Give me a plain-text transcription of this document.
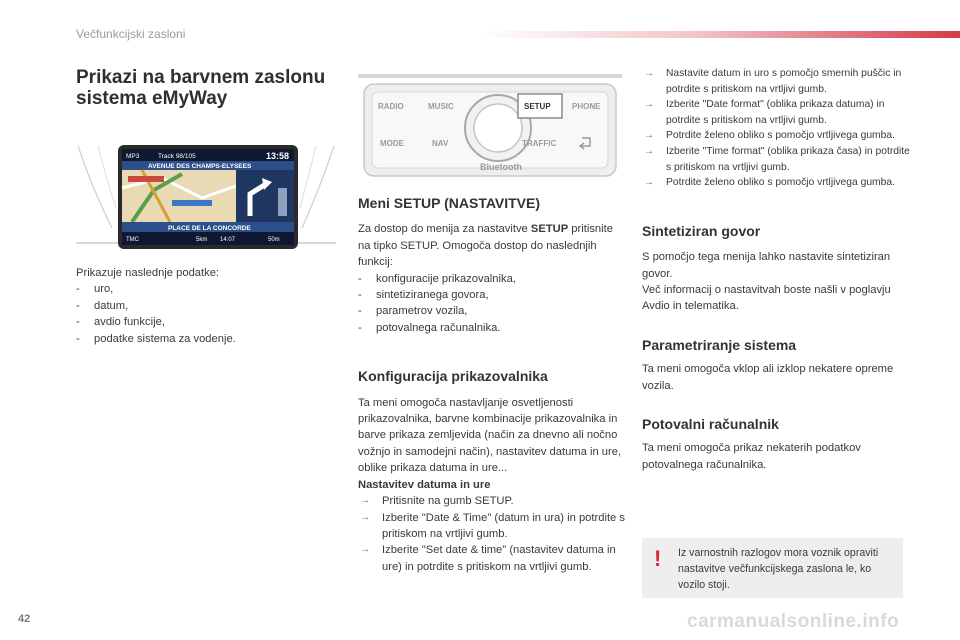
Večfunkcijski zasloni
Prikazi na barvnem zaslonu sistema eMyWay
MP3	Track 98/105	13:58
AVENUE DES CHAMPS-ELYSEES
PLACE DE LA CONCORDE
TMC	5km 14:07	50m
Prikazuje naslednje podatke:
- uro,
- datum,
- avdio funkcije,
- podatke sistema za vodenje.
RADIO	MUSIC	SETUP	PHONE
MODE	NAV	TRAFFIC
Bluetooth
Meni SETUP (NASTAVITVE)
Za dostop do menija za nastavitve SETUP pritisnite na tipko SETUP. Omogoča dostop do naslednjih funkcij:
- konfiguracije prikazovalnika,
- sintetiziranega govora,
- parametrov vozila,
- potovalnega računalnika.
Konfiguracija prikazovalnika
Ta meni omogoča nastavljanje osvetljenosti prikazovalnika, barvne kombinacije prikazovalnika in barve prikaza zemljevida (način za dnevno ali nočno vožnjo in samodejni način), nastavitev datuma in ure, oblike prikaza datuma in ure...
Nastavitev datuma in ure
→ Pritisnite na gumb SETUP.
→ Izberite "Date & Time" (datum in ura) in potrdite s pritiskom na vrtljivi gumb.
→ Izberite "Set date & time" (nastavitev datuma in ure) in potrdite s pritiskom na vrtljivi gumb.
→ Nastavite datum in uro s pomočjo smernih puščic in potrdite s pritiskom na vrtljivi gumb.
→ Izberite "Date format" (oblika prikaza datuma) in potrdite s pritiskom na vrtljivi gumb.
→ Potrdite želeno obliko s pomočjo vrtljivega gumba.
→ Izberite "Time format" (oblika prikaza časa) in potrdite s pritiskom na vrtljivi gumb.
→ Potrdite želeno obliko s pomočjo vrtljivega gumba.
Sintetiziran govor
S pomočjo tega menija lahko nastavite sintetiziran govor.
Več informacij o nastavitvah boste našli v poglavju Avdio in telematika.
Parametriranje sistema
Ta meni omogoča vklop ali izklop nekatere opreme vozila.
Potovalni računalnik
Ta meni omogoča prikaz nekaterih podatkov potovalnega računalnika.
! Iz varnostnih razlogov mora voznik opraviti nastavitve večfunkcijskega zaslona le, ko vozilo stoji.
42	carmanualsonline.info
